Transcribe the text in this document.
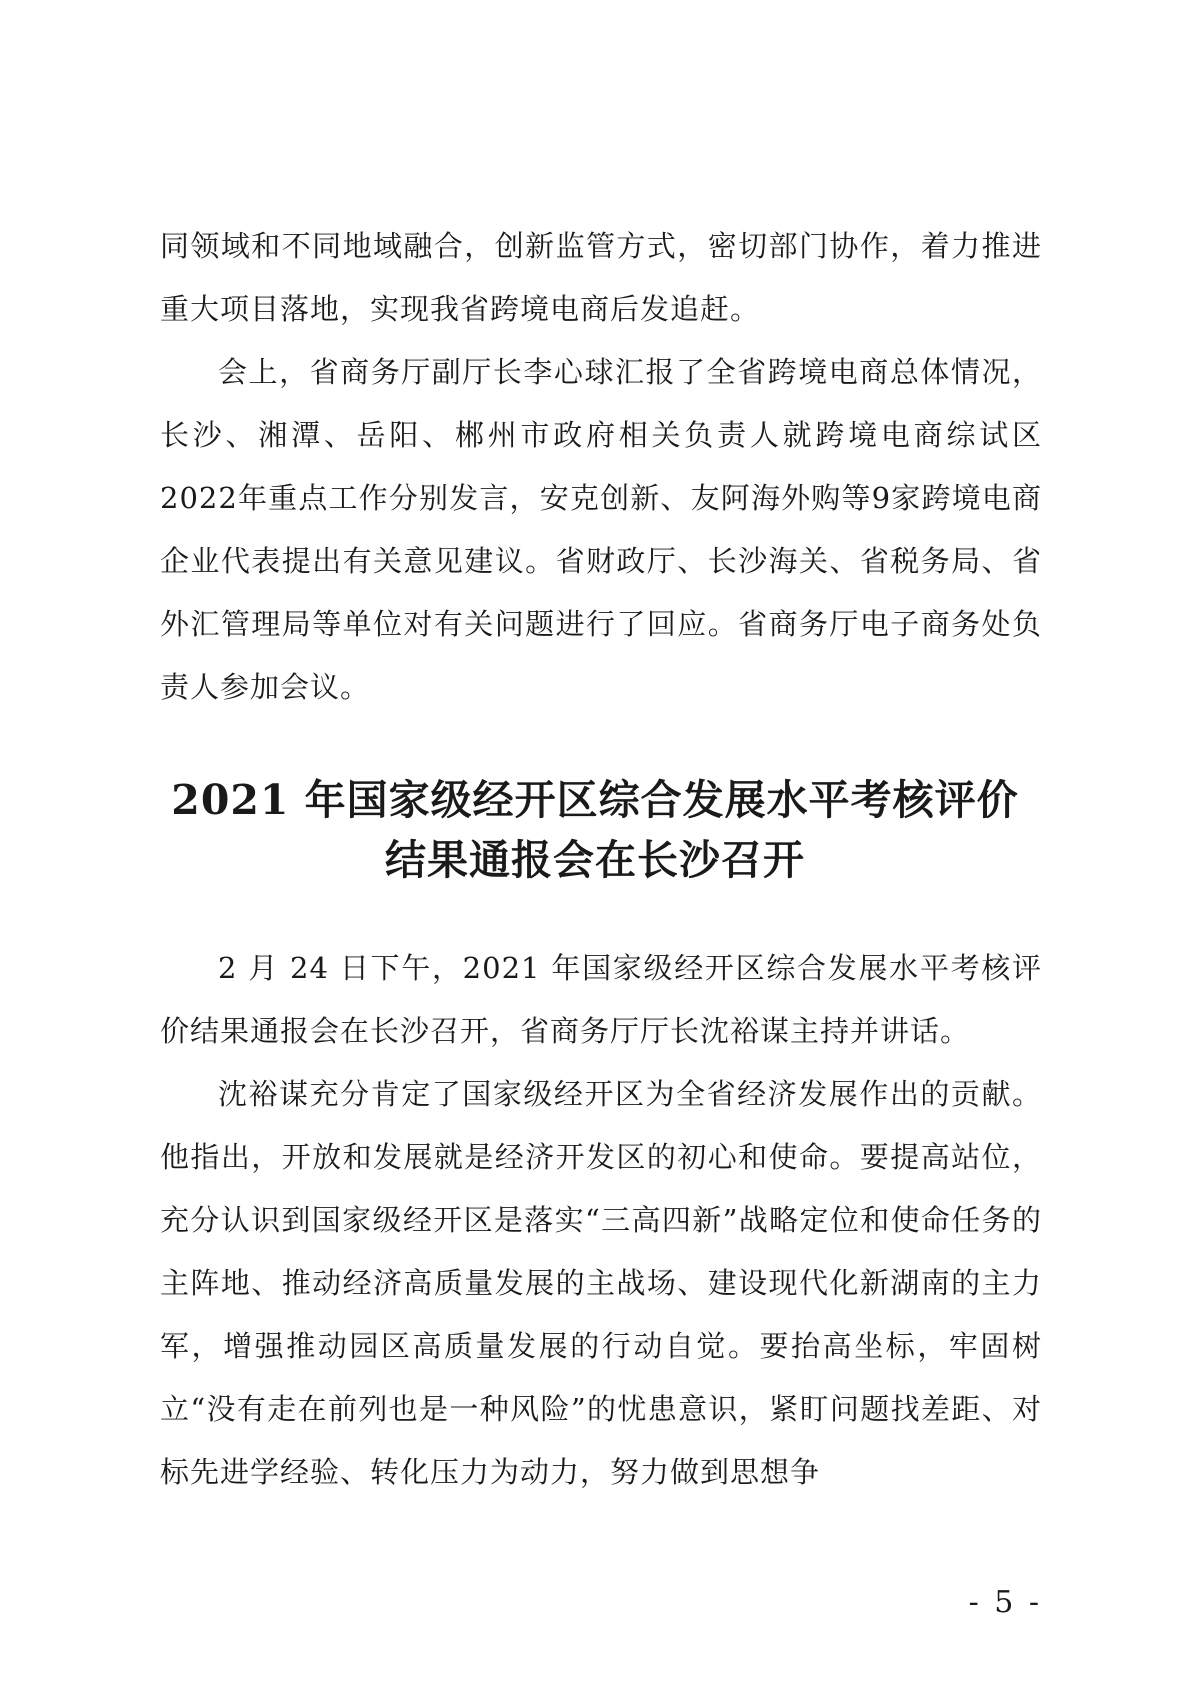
同领域和不同地域融合，创新监管方式，密切部门协作，着力推进重大项目落地，实现我省跨境电商后发追赶。

会上，省商务厅副厅长李心球汇报了全省跨境电商总体情况，长沙、湘潭、岳阳、郴州市政府相关负责人就跨境电商综试区2022年重点工作分别发言，安克创新、友阿海外购等9家跨境电商企业代表提出有关意见建议。省财政厅、长沙海关、省税务局、省外汇管理局等单位对有关问题进行了回应。省商务厅电子商务处负责人参加会议。

2021 年国家级经开区综合发展水平考核评价
结果通报会在长沙召开

2 月 24 日下午，2021 年国家级经开区综合发展水平考核评价结果通报会在长沙召开，省商务厅厅长沈裕谋主持并讲话。

沈裕谋充分肯定了国家级经开区为全省经济发展作出的贡献。他指出，开放和发展就是经济开发区的初心和使命。要提高站位，充分认识到国家级经开区是落实“三高四新”战略定位和使命任务的主阵地、推动经济高质量发展的主战场、建设现代化新湖南的主力军，增强推动园区高质量发展的行动自觉。要抬高坐标，牢固树立“没有走在前列也是一种风险”的忧患意识，紧盯问题找差距、对标先进学经验、转化压力为动力，努力做到思想争

- 5 -
